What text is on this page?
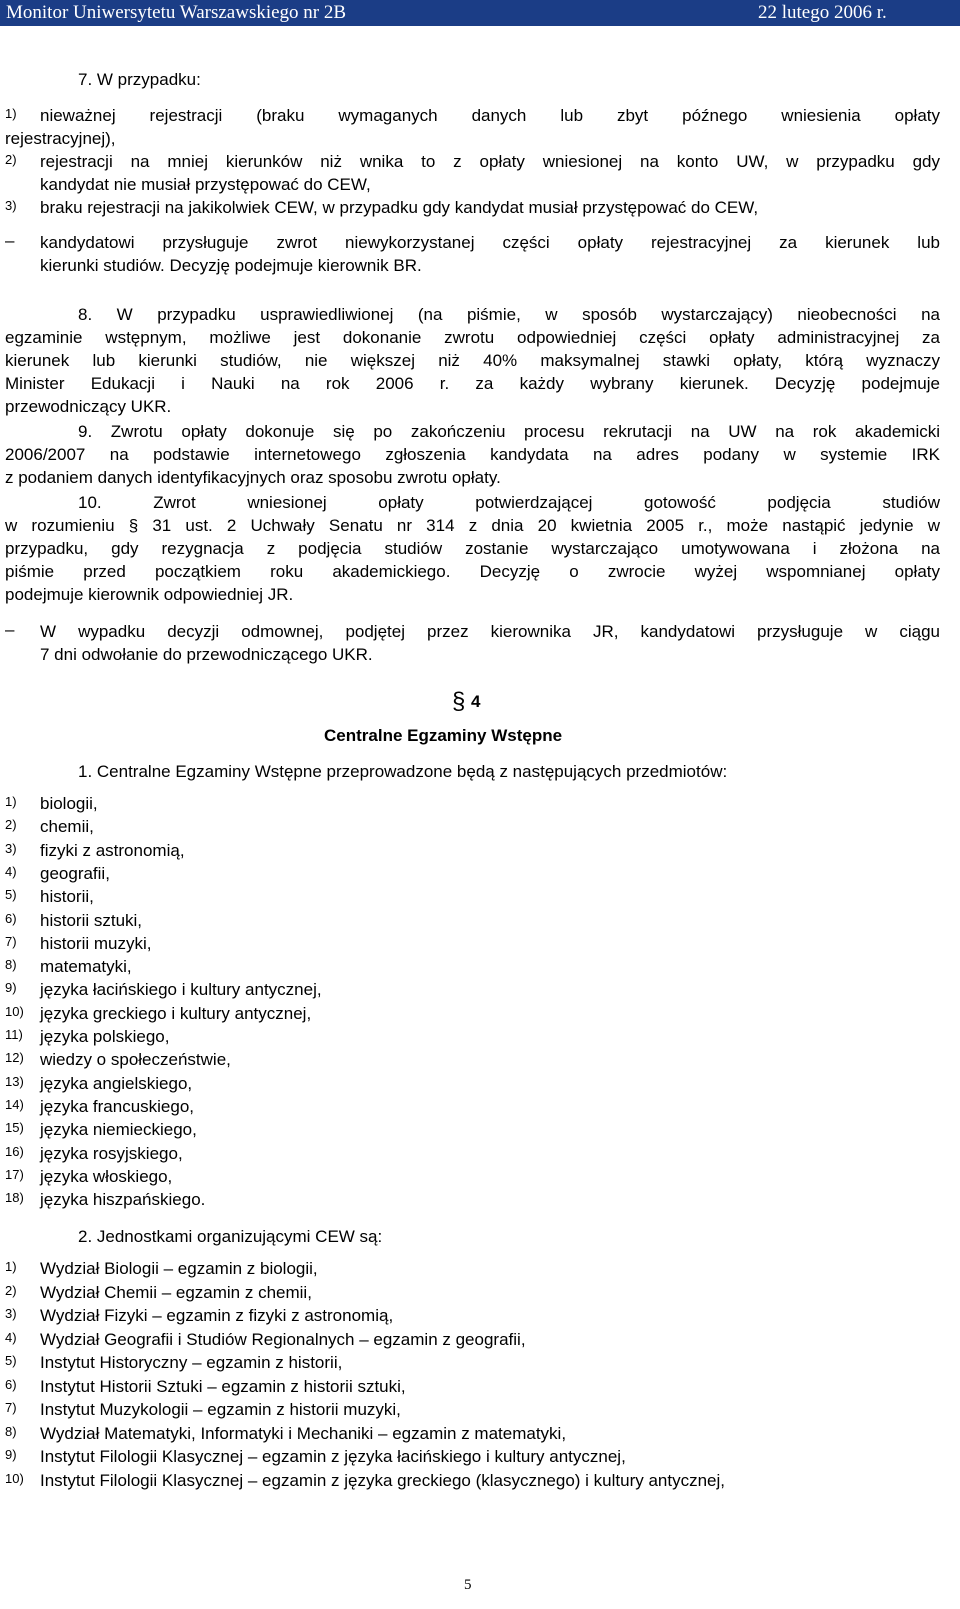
Monitor Uniwersytetu Warszawskiego nr 2B	22 lutego 2006 r.
7. W przypadku:
1) nieważnej rejestracji (braku wymaganych danych lub zbyt późnego wniesienia opłaty
rejestracyjnej),
2) rejestracji na mniej kierunków niż wnika to z opłaty wniesionej na konto UW, w przypadku gdy
kandydat nie musiał przystępować do CEW,
3) braku rejestracji na jakikolwiek CEW, w przypadku gdy kandydat musiał przystępować do CEW,
– kandydatowi przysługuje zwrot niewykorzystanej części opłaty rejestracyjnej za kierunek lub
kierunki studiów. Decyzję podejmuje kierownik BR.
8. W przypadku usprawiedliwionej (na piśmie, w sposób wystarczający) nieobecności na
egzaminie wstępnym, możliwe jest dokonanie zwrotu odpowiedniej części opłaty administracyjnej za
kierunek lub kierunki studiów, nie większej niż 40% maksymalnej stawki opłaty, którą wyznaczy
Minister Edukacji i Nauki na rok 2006 r. za każdy wybrany kierunek. Decyzję podejmuje
przewodniczący UKR.
9. Zwrotu opłaty dokonuje się po zakończeniu procesu rekrutacji na UW na rok akademicki
2006/2007 na podstawie internetowego zgłoszenia kandydata na adres podany w systemie IRK
z podaniem danych identyfikacyjnych oraz sposobu zwrotu opłaty.
10. Zwrot wniesionej opłaty potwierdzającej gotowość podjęcia studiów
w rozumieniu § 31 ust. 2 Uchwały Senatu nr 314 z dnia 20 kwietnia 2005 r., może nastąpić jedynie w
przypadku, gdy rezygnacja z podjęcia studiów zostanie wystarczająco umotywowana i złożona na
piśmie przed początkiem roku akademickiego. Decyzję o zwrocie wyżej wspomnianej opłaty
podejmuje kierownik odpowiedniej JR.
– W wypadku decyzji odmownej, podjętej przez kierownika JR, kandydatowi przysługuje w ciągu
7 dni odwołanie do przewodniczącego UKR.
§ 4
Centralne Egzaminy Wstępne
1. Centralne Egzaminy Wstępne przeprowadzone będą z następujących przedmiotów:
1) biologii,
2) chemii,
3) fizyki z astronomią,
4) geografii,
5) historii,
6) historii sztuki,
7) historii muzyki,
8) matematyki,
9) języka łacińskiego i kultury antycznej,
10) języka greckiego i kultury antycznej,
11) języka polskiego,
12) wiedzy o społeczeństwie,
13) języka angielskiego,
14) języka francuskiego,
15) języka niemieckiego,
16) języka rosyjskiego,
17) języka włoskiego,
18) języka hiszpańskiego.
2. Jednostkami organizującymi CEW są:
1) Wydział Biologii – egzamin z biologii,
2) Wydział Chemii – egzamin z chemii,
3) Wydział Fizyki – egzamin z fizyki z astronomią,
4) Wydział Geografii i Studiów Regionalnych – egzamin z geografii,
5) Instytut Historyczny – egzamin z historii,
6) Instytut Historii Sztuki – egzamin z historii sztuki,
7) Instytut Muzykologii – egzamin z historii muzyki,
8) Wydział Matematyki, Informatyki i Mechaniki – egzamin z matematyki,
9) Instytut Filologii Klasycznej – egzamin z języka łacińskiego i kultury antycznej,
10) Instytut Filologii Klasycznej – egzamin z języka greckiego (klasycznego) i kultury antycznej,
5
